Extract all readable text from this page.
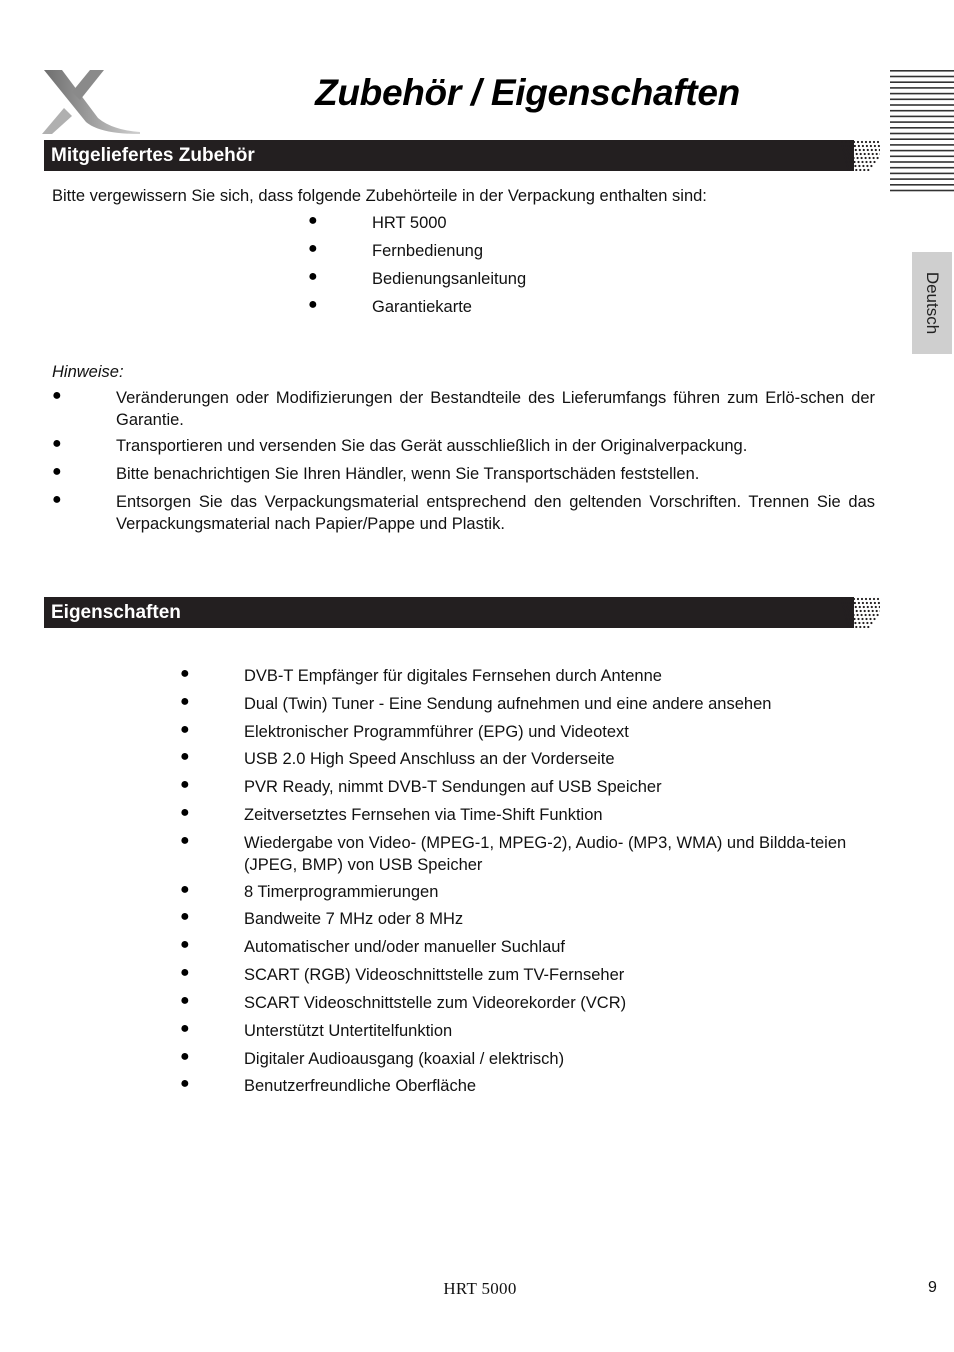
Zubehör / Eigenschaften
Deutsch
Mitgeliefertes Zubehör
Bitte vergewissern Sie sich, dass folgende Zubehörteile in der Verpackung enthalten sind:
●	HRT 5000
●	Fernbedienung
●	Bedienungsanleitung
●	Garantiekarte
Hinweise:
●	Veränderungen oder Modifizierungen der Bestandteile des Lieferumfangs führen zum Erlö-schen der Garantie.
●	Transportieren und versenden Sie das Gerät ausschließlich in der Originalverpackung.
●	Bitte benachrichtigen Sie Ihren Händler, wenn Sie Transportschäden feststellen.
●	Entsorgen Sie das Verpackungsmaterial entsprechend den geltenden Vorschriften. Trennen Sie das Verpackungsmaterial nach Papier/Pappe und Plastik.
Eigenschaften
●	DVB-T Empfänger für digitales Fernsehen durch Antenne
●	Dual (Twin) Tuner - Eine Sendung aufnehmen und eine andere ansehen
●	Elektronischer Programmführer (EPG) und Videotext
●	USB 2.0 High Speed Anschluss an der Vorderseite
●	PVR Ready, nimmt DVB-T Sendungen auf USB Speicher
●	Zeitversetztes Fernsehen via Time-Shift Funktion
●	Wiedergabe von Video- (MPEG-1, MPEG-2), Audio- (MP3, WMA) und Bildda-teien (JPEG, BMP) von USB Speicher
●	8 Timerprogrammierungen
●	Bandweite 7 MHz oder 8 MHz
●	Automatischer und/oder manueller Suchlauf
●	SCART (RGB) Videoschnittstelle zum TV-Fernseher
●	SCART Videoschnittstelle zum Videorekorder (VCR)
●	Unterstützt Untertitelfunktion
●	Digitaler Audioausgang (koaxial / elektrisch)
●	Benutzerfreundliche Oberfläche
HRT 5000	9
